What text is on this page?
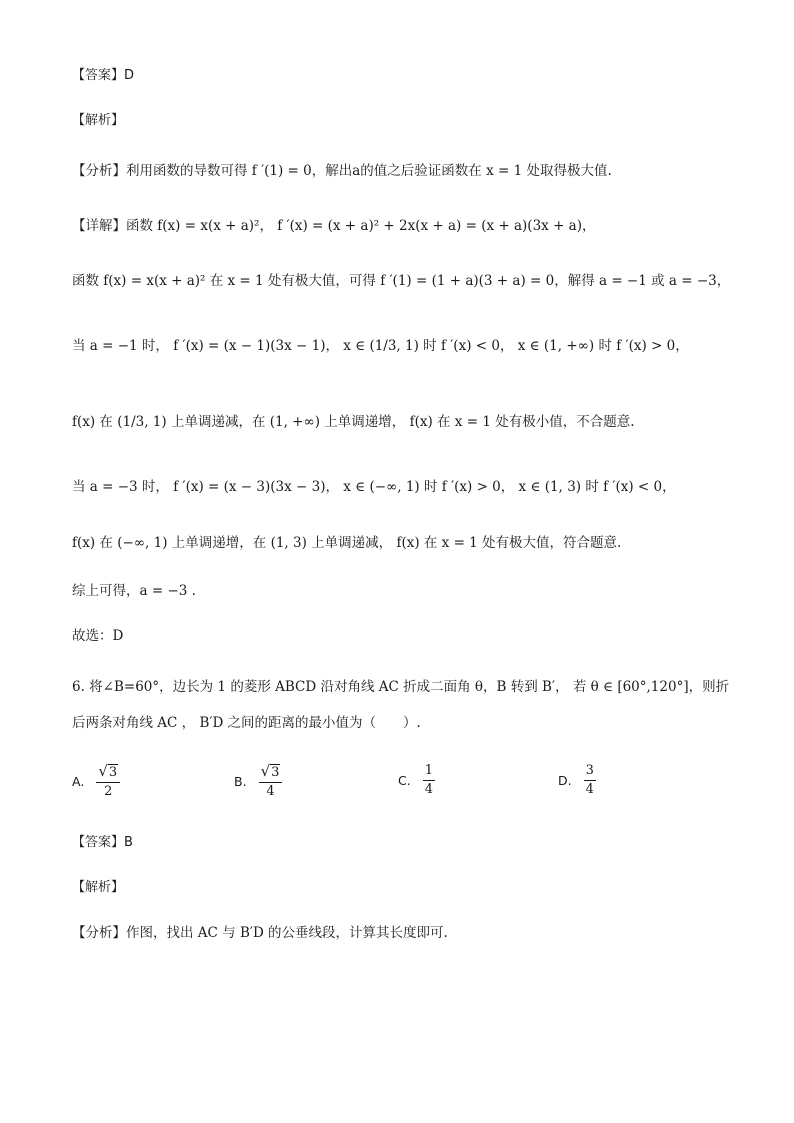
【答案】D
【解析】
【分析】利用函数的导数可得 f ′(1) = 0，解出a的值之后验证函数在 x = 1 处取得极大值.
【详解】函数 f(x) = x(x + a)²， f ′(x) = (x + a)² + 2x(x + a) = (x + a)(3x + a)，
函数 f(x) = x(x + a)² 在 x = 1 处有极大值，可得 f ′(1) = (1 + a)(3 + a) = 0，解得 a = −1 或 a = −3，
当 a = −1 时， f ′(x) = (x − 1)(3x − 1)， x ∈ (1/3, 1) 时 f ′(x) < 0， x ∈ (1, +∞) 时 f ′(x) > 0，
f(x) 在 (1/3, 1) 上单调递减，在 (1, +∞) 上单调递增， f(x) 在 x = 1 处有极小值，不合题意.
当 a = −3 时， f ′(x) = (x − 3)(3x − 3)， x ∈ (−∞, 1) 时 f ′(x) > 0， x ∈ (1, 3) 时 f ′(x) < 0，
f(x) 在 (−∞, 1) 上单调递增，在 (1, 3) 上单调递减， f(x) 在 x = 1 处有极大值，符合题意.
综上可得，a = −3 .
故选：D
6. 将∠B=60°，边长为 1 的菱形 ABCD 沿对角线 AC 折成二面角 θ，B 转到 B′， 若 θ ∈ [60°,120°]，则折
后两条对角线 AC ， B′D 之间的距离的最小值为（　　）.
A. $\frac{√3}{2}$	B. $\frac{√3}{4}$	C. $\frac{1}{4}$	D. $\frac{3}{4}$
【答案】B
【解析】
【分析】作图，找出 AC 与 B′D 的公垂线段，计算其长度即可.
